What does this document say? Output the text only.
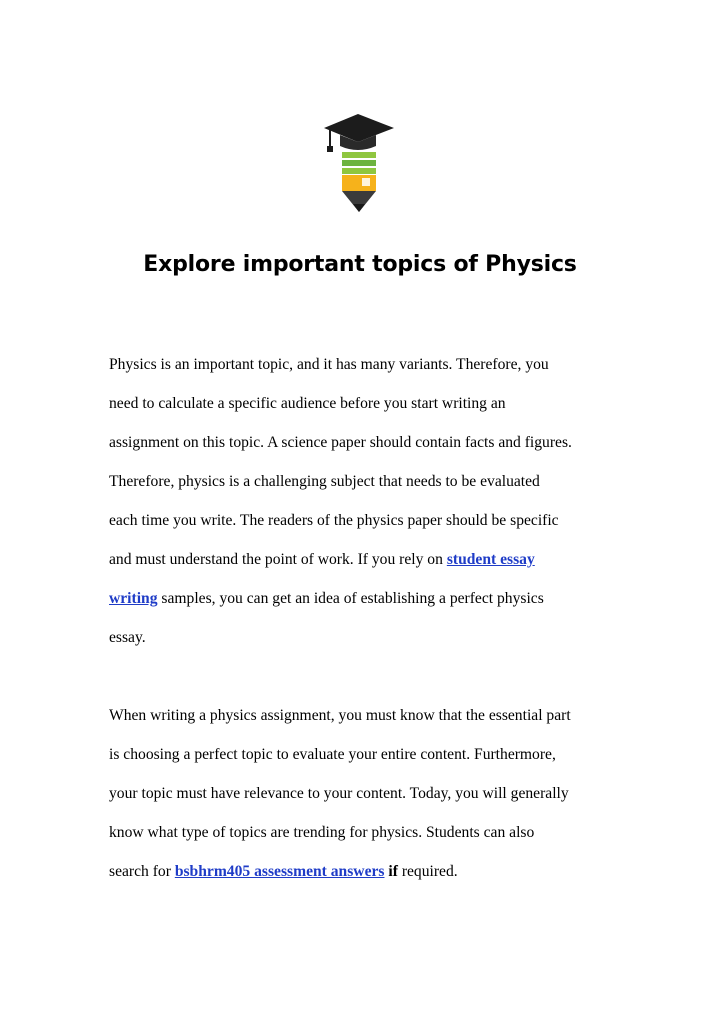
Explore important topics of Physics
Physics is an important topic, and it has many variants. Therefore, you
need to calculate a specific audience before you start writing an
assignment on this topic. A science paper should contain facts and figures.
Therefore, physics is a challenging subject that needs to be evaluated
each time you write. The readers of the physics paper should be specific
and must understand the point of work. If you rely on student essay
writing samples, you can get an idea of establishing a perfect physics
essay.
When writing a physics assignment, you must know that the essential part
is choosing a perfect topic to evaluate your entire content. Furthermore,
your topic must have relevance to your content. Today, you will generally
know what type of topics are trending for physics. Students can also
search for bsbhrm405 assessment answers if required.
